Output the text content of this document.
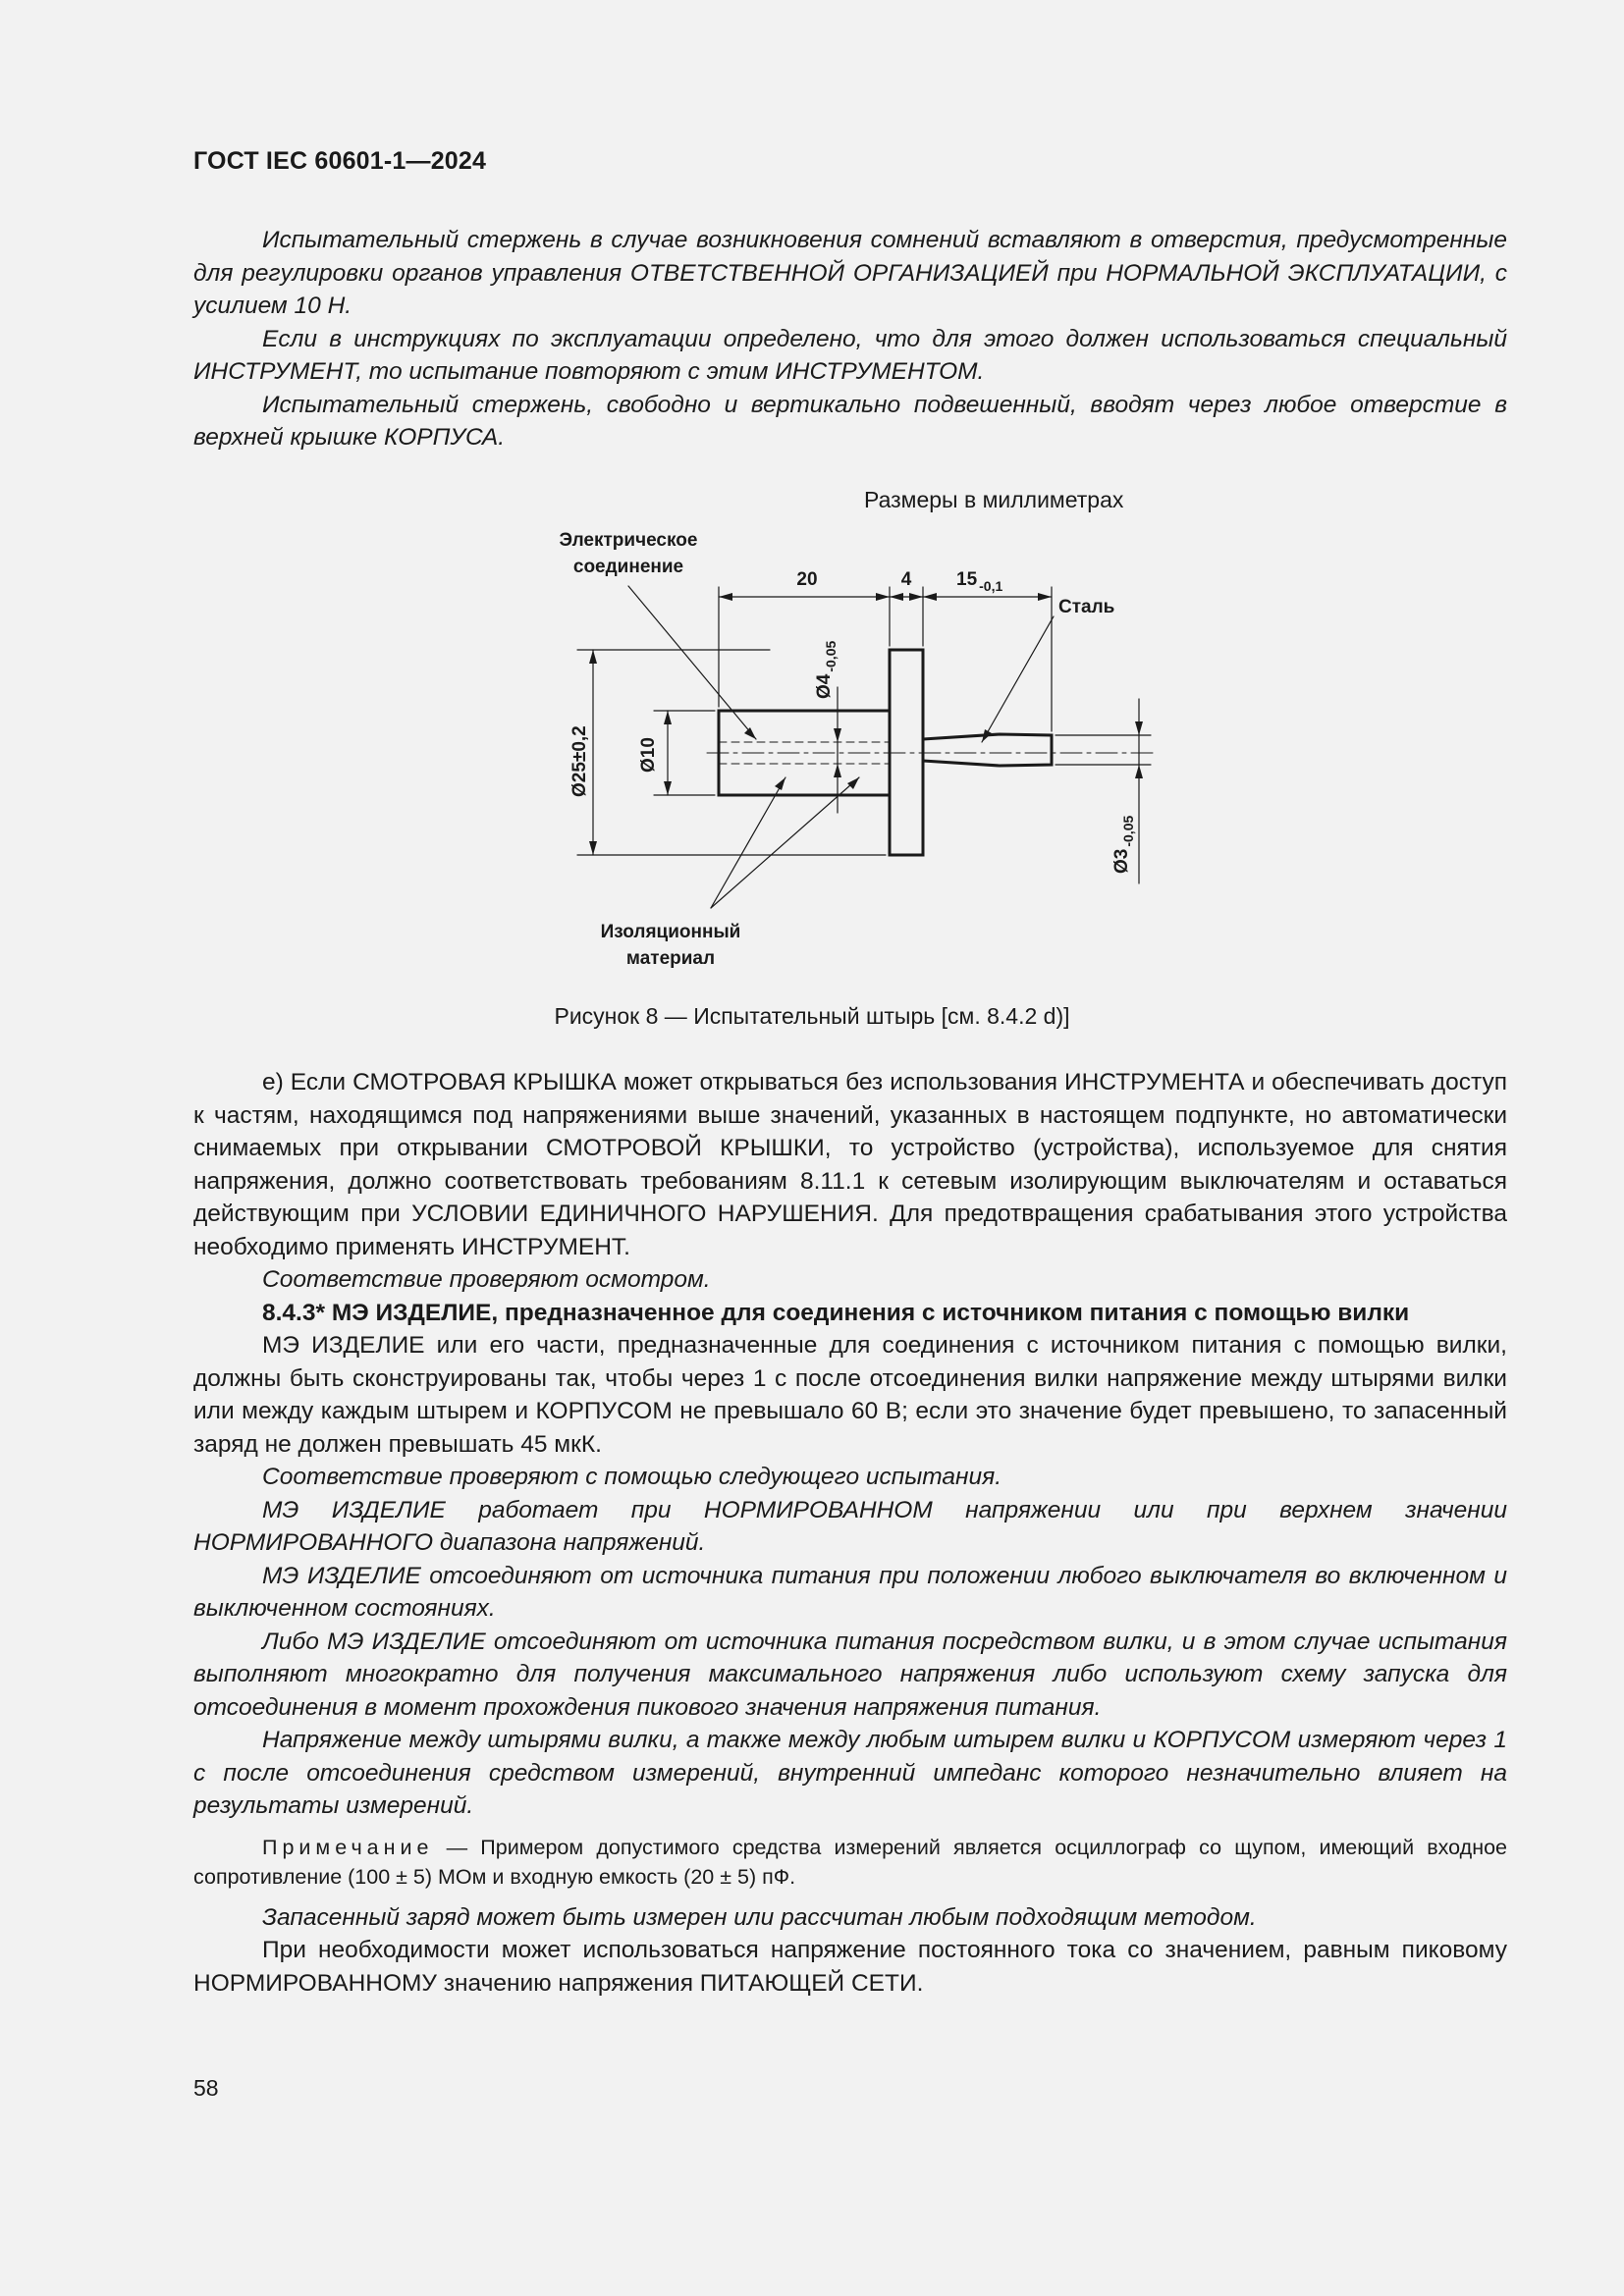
ГОСТ IEC 60601-1—2024

Испытательный стержень в случае возникновения сомнений вставляют в отверстия, предусмотренные для регулировки органов управления ОТВЕТСТВЕННОЙ ОРГАНИЗАЦИЕЙ при НОРМАЛЬНОЙ ЭКСПЛУАТАЦИИ, с усилием 10 Н.

Если в инструкциях по эксплуатации определено, что для этого должен использоваться специальный ИНСТРУМЕНТ, то испытание повторяют с этим ИНСТРУМЕНТОМ.

Испытательный стержень, свободно и вертикально подвешенный, вводят через любое отверстие в верхней крышке КОРПУСА.

Размеры в миллиметрах
Электрическое
соединение
Сталь
Изоляционный
материал
20	4 15 $_{-0,1}$
Ø25±0,2	Ø10
$Ø4_{-0,05}$
$Ø3_{-0,05}$
Рисунок 8 — Испытательный штырь [см. 8.4.2 d)]

е) Если СМОТРОВАЯ КРЫШКА может открываться без использования ИНСТРУМЕНТА и обеспечивать доступ к частям, находящимся под напряжениями выше значений, указанных в настоящем подпункте, но автоматически снимаемых при открывании СМОТРОВОЙ КРЫШКИ, то устройство (устройства), используемое для снятия напряжения, должно соответствовать требованиям 8.11.1 к сетевым изолирующим выключателям и оставаться действующим при УСЛОВИИ ЕДИНИЧНОГО НАРУШЕНИЯ. Для предотвращения срабатывания этого устройства необходимо применять ИНСТРУМЕНТ.

Соответствие проверяют осмотром.

8.4.3* МЭ ИЗДЕЛИЕ, предназначенное для соединения с источником питания с помощью вилки

МЭ ИЗДЕЛИЕ или его части, предназначенные для соединения с источником питания с помощью вилки, должны быть сконструированы так, чтобы через 1 с после отсоединения вилки напряжение между штырями вилки или между каждым штырем и КОРПУСОМ не превышало 60 В; если это значение будет превышено, то запасенный заряд не должен превышать 45 мкК.

Соответствие проверяют с помощью следующего испытания.

МЭ ИЗДЕЛИЕ работает при НОРМИРОВАННОМ напряжении или при верхнем значении НОРМИРОВАННОГО диапазона напряжений.

МЭ ИЗДЕЛИЕ отсоединяют от источника питания при положении любого выключателя во включенном и выключенном состояниях.

Либо МЭ ИЗДЕЛИЕ отсоединяют от источника питания посредством вилки, и в этом случае испытания выполняют многократно для получения максимального напряжения либо используют схему запуска для отсоединения в момент прохождения пикового значения напряжения питания.

Напряжение между штырями вилки, а также между любым штырем вилки и КОРПУСОМ измеряют через 1 с после отсоединения средством измерений, внутренний импеданс которого незначительно влияет на результаты измерений.

Примечание — Примером допустимого средства измерений является осциллограф со щупом, имеющий входное сопротивление (100 ± 5) МОм и входную емкость (20 ± 5) пФ.

Запасенный заряд может быть измерен или рассчитан любым подходящим методом.

При необходимости может использоваться напряжение постоянного тока со значением, равным пиковому НОРМИРОВАННОМУ значению напряжения ПИТАЮЩЕЙ СЕТИ.

58
